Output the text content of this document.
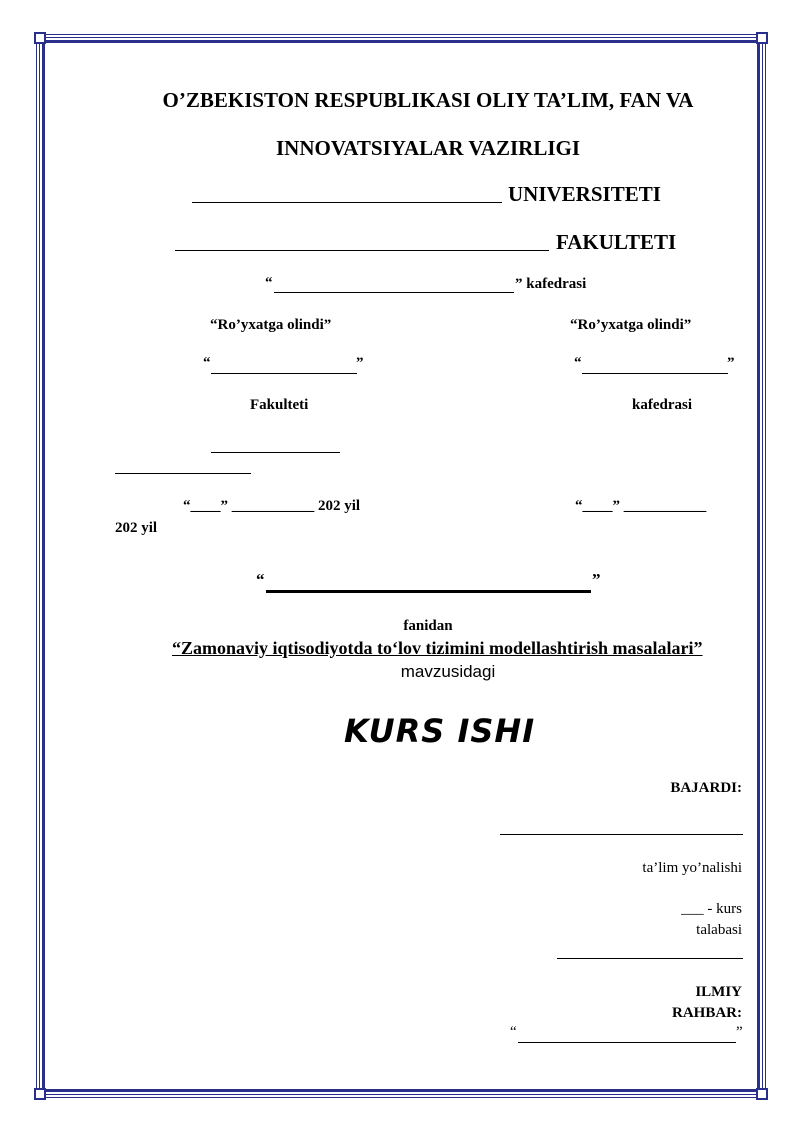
O’ZBEKISTON RESPUBLIKASI OLIY TA’LIM, FAN VA
INNOVATSIYALAR VAZIRLIGI
UNIVERSITETI
FAKULTETI
“	” kafedrasi
“Ro’yxatga olindi”	“Ro’yxatga olindi”
“	”	“	”
Fakulteti	kafedrasi
“____” ___________ 202 yil	“____” ___________
202 yil
“	”
fanidan
“Zamonaviy iqtisodiyotda to‘lov tizimini modellashtirish masalalari”
mavzusidagi
KURS ISHI
BAJARDI:
ta’lim yo’nalishi
___ - kurs
talabasi
ILMIY
RAHBAR:
“	”
